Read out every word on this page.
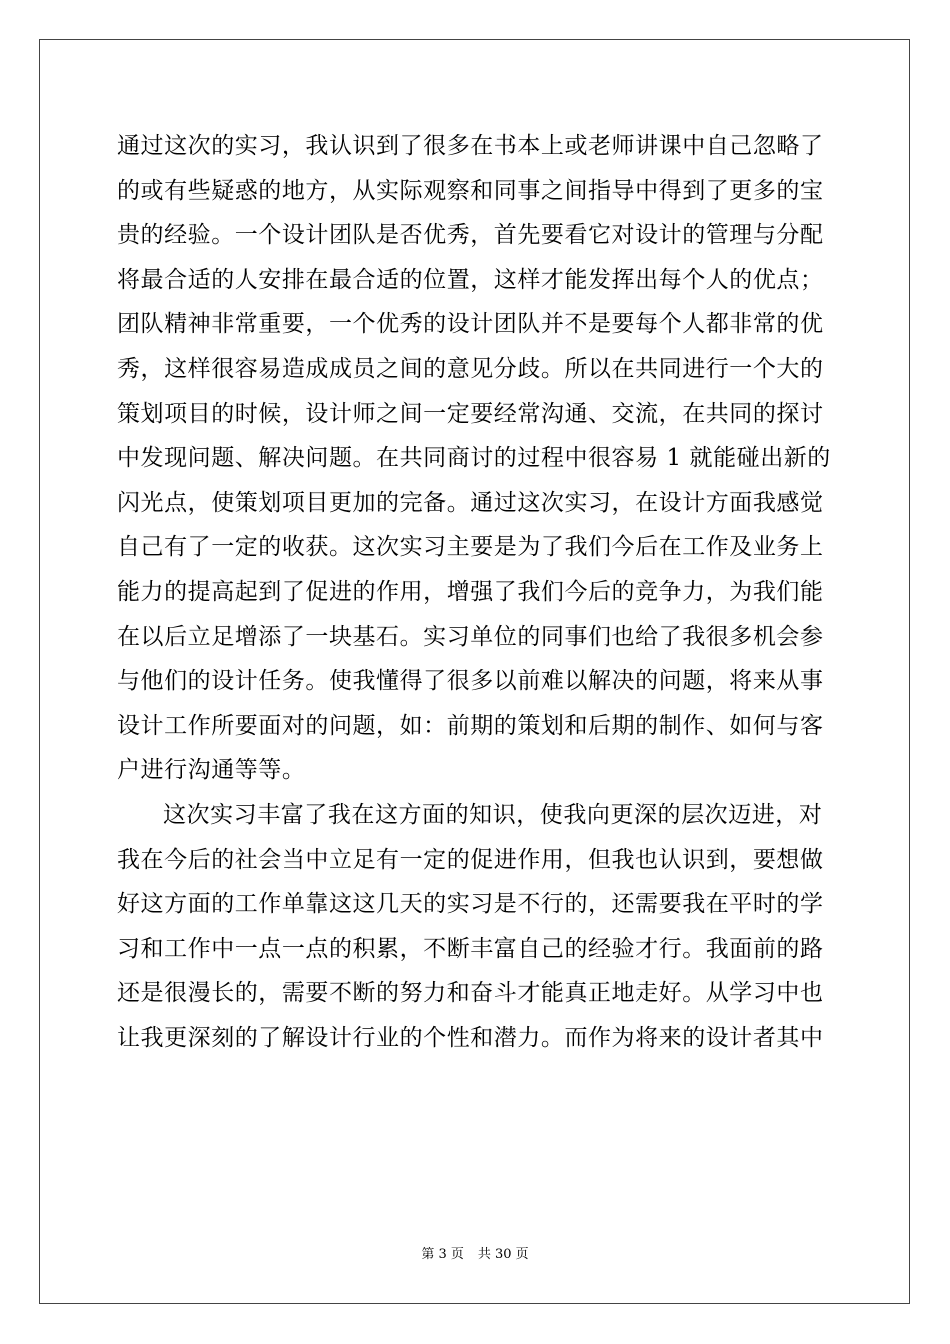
通过这次的实习，我认识到了很多在书本上或老师讲课中自己忽略了
的或有些疑惑的地方，从实际观察和同事之间指导中得到了更多的宝
贵的经验。一个设计团队是否优秀，首先要看它对设计的管理与分配
将最合适的人安排在最合适的位置，这样才能发挥出每个人的优点；
团队精神非常重要，一个优秀的设计团队并不是要每个人都非常的优
秀，这样很容易造成成员之间的意见分歧。所以在共同进行一个大的
策划项目的时候，设计师之间一定要经常沟通、交流，在共同的探讨
中发现问题、解决问题。在共同商讨的过程中很容易 1 就能碰出新的
闪光点，使策划项目更加的完备。通过这次实习，在设计方面我感觉
自己有了一定的收获。这次实习主要是为了我们今后在工作及业务上
能力的提高起到了促进的作用，增强了我们今后的竞争力，为我们能
在以后立足增添了一块基石。实习单位的同事们也给了我很多机会参
与他们的设计任务。使我懂得了很多以前难以解决的问题，将来从事
设计工作所要面对的问题，如：前期的策划和后期的制作、如何与客
户进行沟通等等。
这次实习丰富了我在这方面的知识，使我向更深的层次迈进，对
我在今后的社会当中立足有一定的促进作用，但我也认识到，要想做
好这方面的工作单靠这这几天的实习是不行的，还需要我在平时的学
习和工作中一点一点的积累，不断丰富自己的经验才行。我面前的路
还是很漫长的，需要不断的努力和奋斗才能真正地走好。从学习中也
让我更深刻的了解设计行业的个性和潜力。而作为将来的设计者其中
第 3 页 共 30 页
